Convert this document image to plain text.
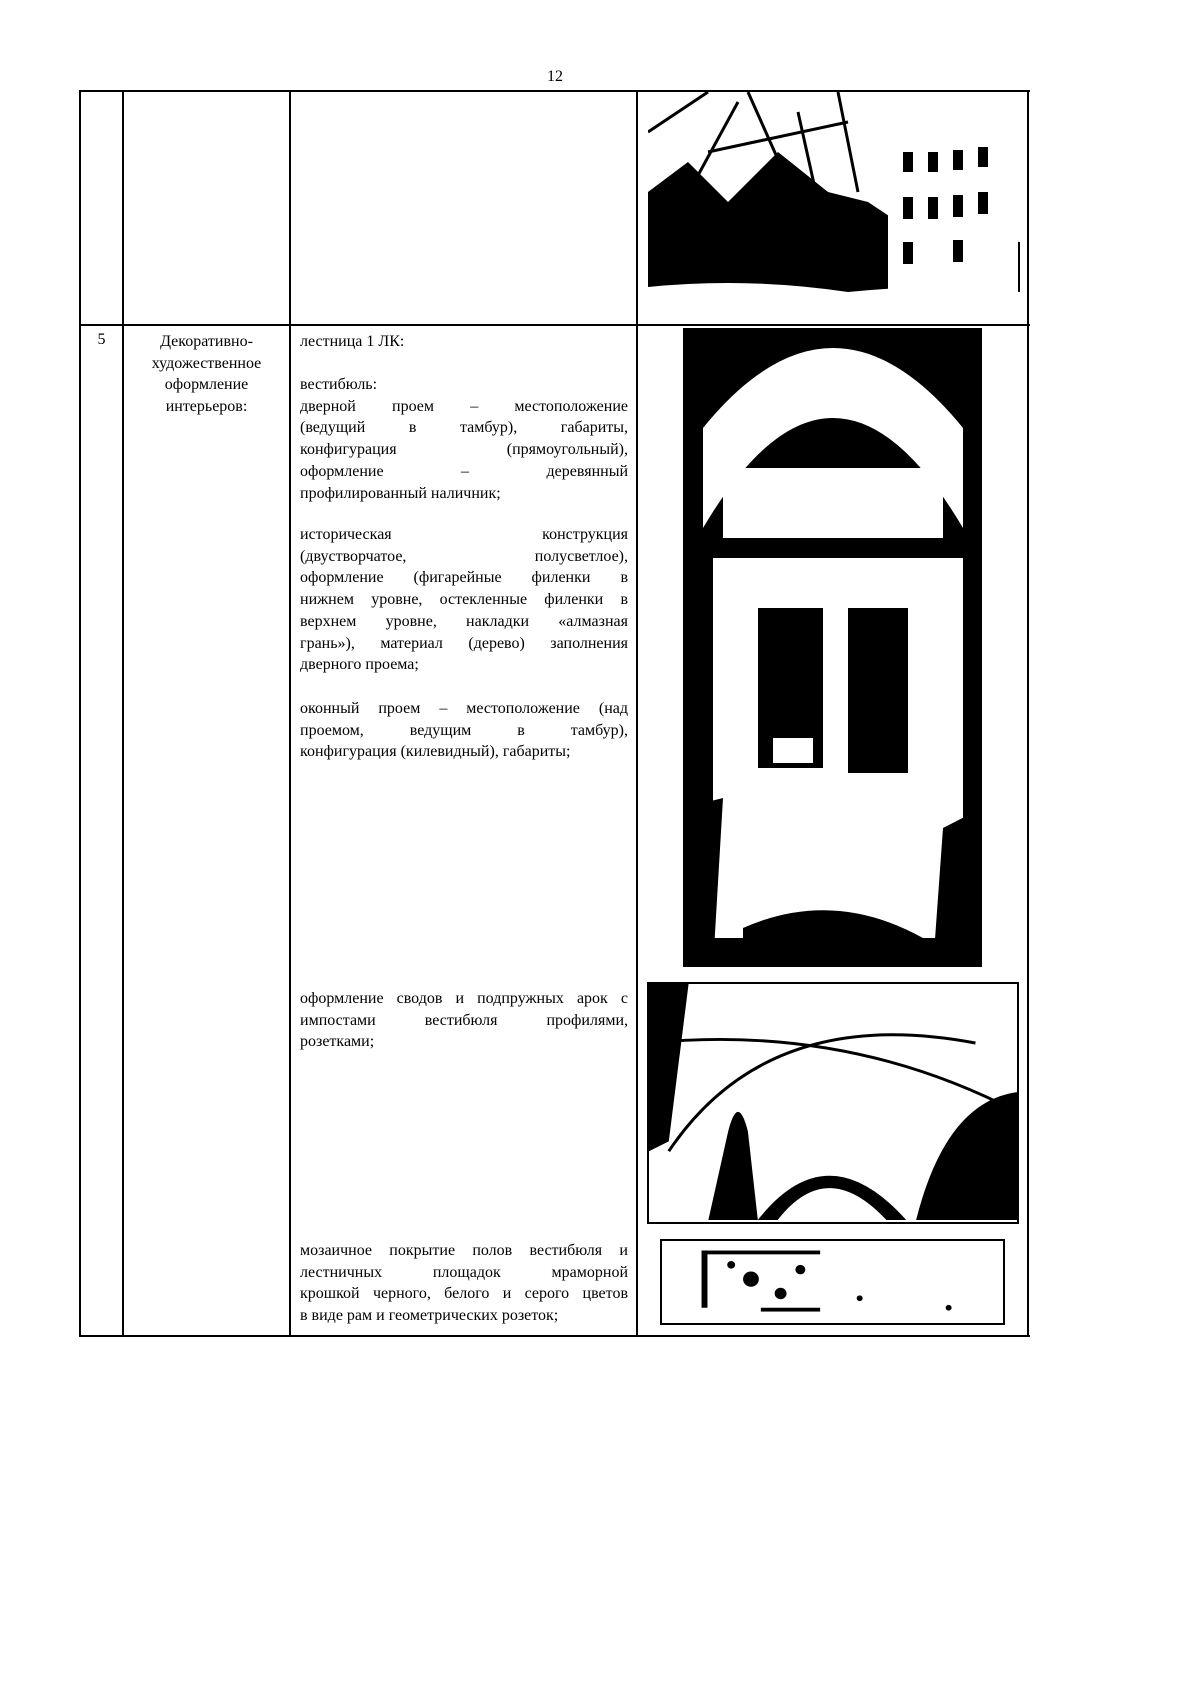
12
5	Декоративно-
художественное
оформление
интерьеров:
лестница 1 ЛК:
вестибюль:
дверной проем – местоположение
(ведущий в тамбур), габариты,
конфигурация (прямоугольный),
оформление – деревянный
профилированный наличник;
историческая конструкция
(двустворчатое, полусветлое),
оформление (фигарейные филенки в
нижнем уровне, остекленные филенки в
верхнем уровне, накладки «алмазная
грань»), материал (дерево) заполнения
дверного проема;
оконный проем – местоположение (над
проемом, ведущим в тамбур),
конфигурация (килевидный), габариты;
оформление сводов и подпружных арок с
импостами вестибюля профилями,
розетками;
мозаичное покрытие полов вестибюля и
лестничных площадок мраморной
крошкой черного, белого и серого цветов
в виде рам и геометрических розеток;
